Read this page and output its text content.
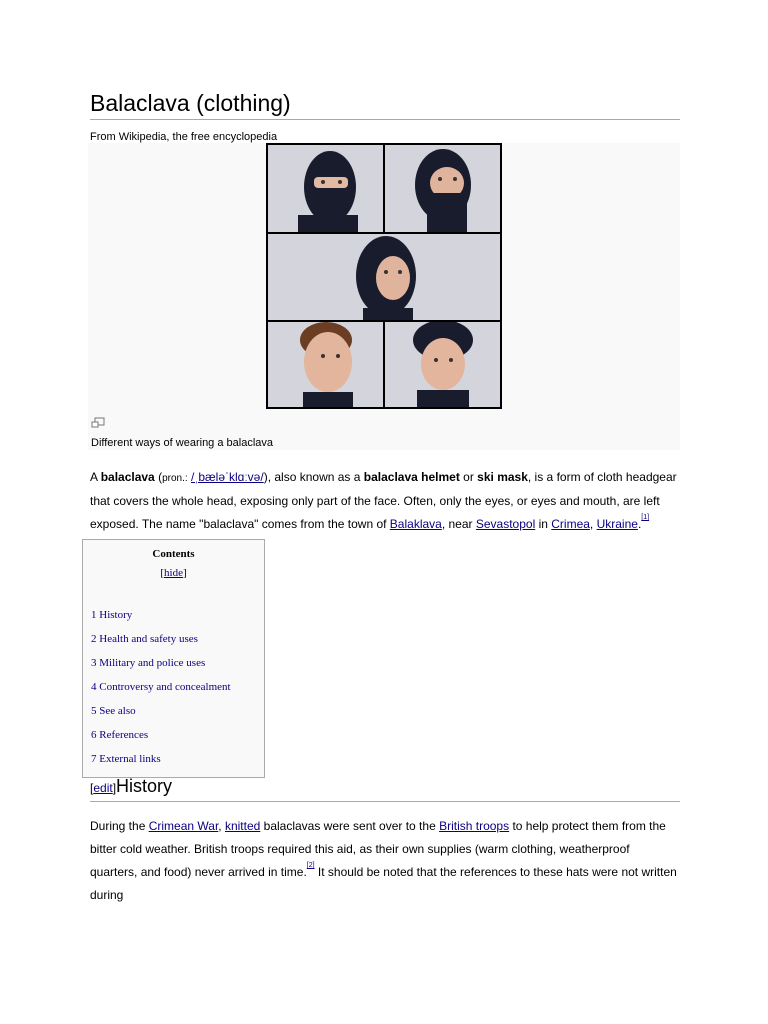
Balaclava (clothing)
From Wikipedia, the free encyclopedia
Different ways of wearing a balaclava
A balaclava (pron.: /ˌbæləˈklɑːvə/), also known as a balaclava helmet or ski mask, is a form of cloth headgear that covers the whole head, exposing only part of the face. Often, only the eyes, or eyes and mouth, are left exposed. The name "balaclava" comes from the town of Balaklava, near Sevastopol in Crimea, Ukraine.[1]
Contents
[hide]
1 History
2 Health and safety uses
3 Military and police uses
4 Controversy and concealment
5 See also
6 References
7 External links
[edit]History
During the Crimean War, knitted balaclavas were sent over to the British troops to help protect them from the bitter cold weather. British troops required this aid, as their own supplies (warm clothing, weatherproof quarters, and food) never arrived in time.[2] It should be noted that the references to these hats were not written during
